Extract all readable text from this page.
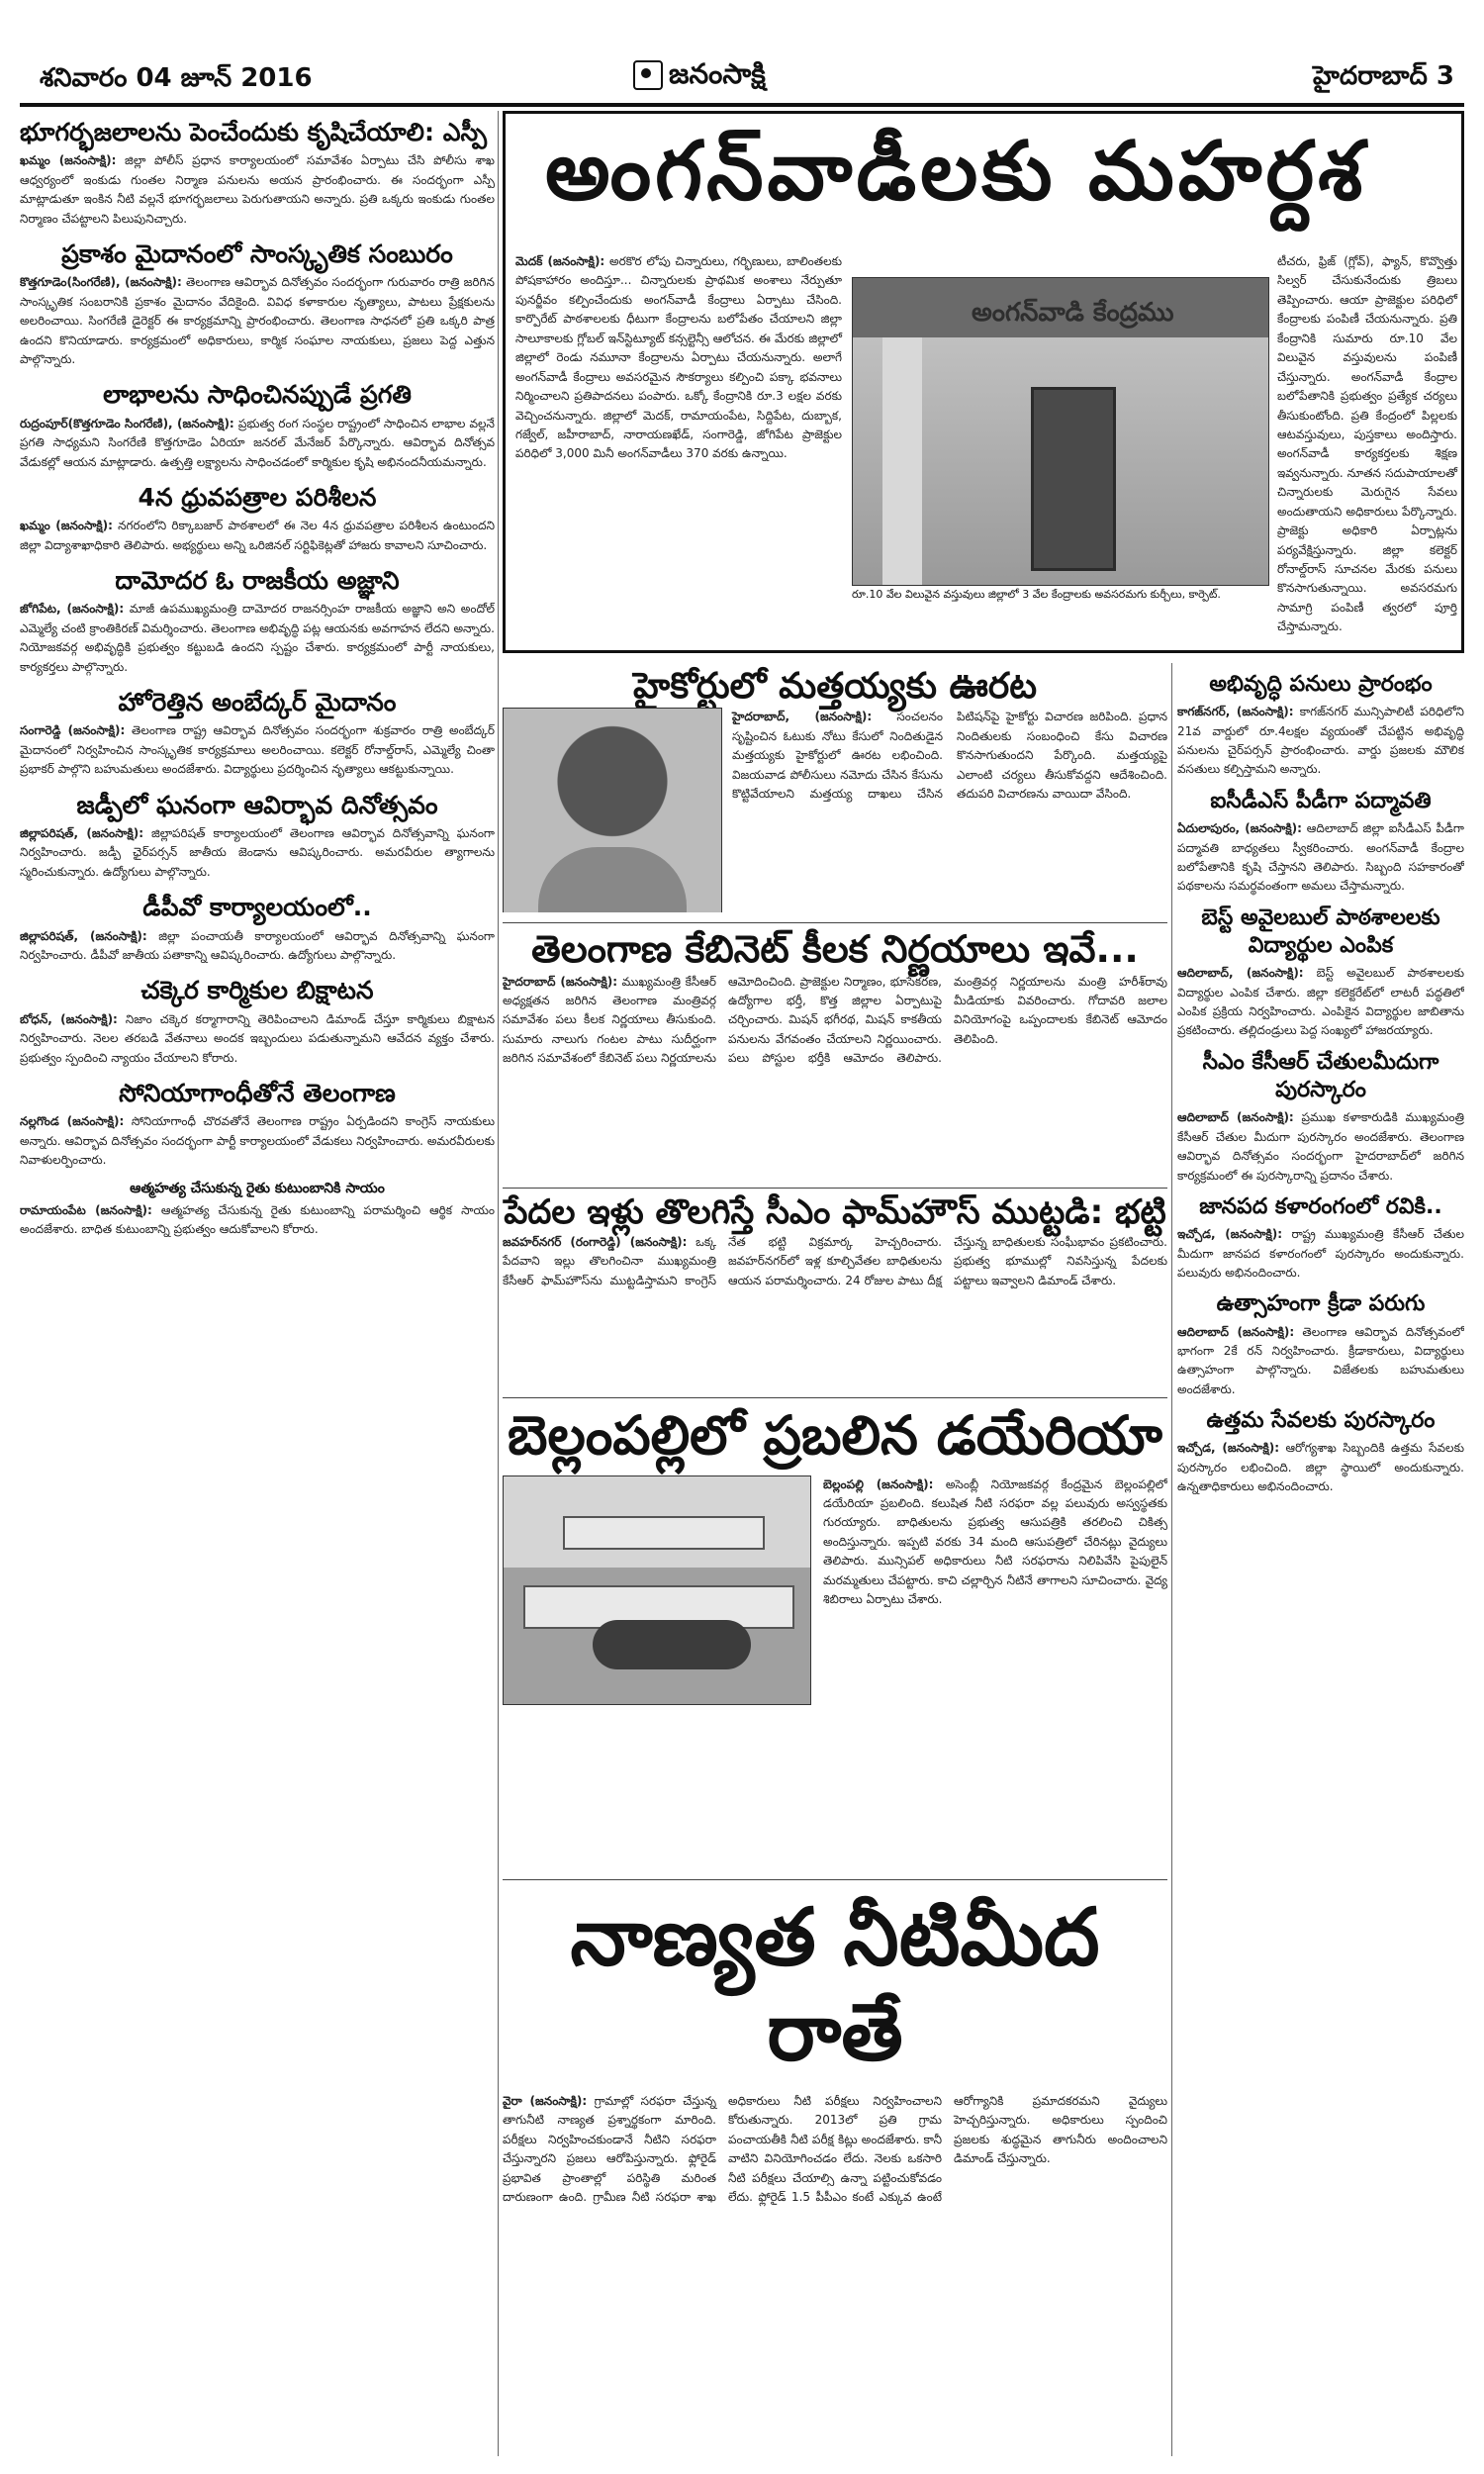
శనివారం 04 జూన్ 2016	జనంసాక్షి	హైదరాబాద్ 3
అంగన్‌వాడీలకు మహర్దశ
మెదక్ (జనంసాక్షి): అరకొర లోపు చిన్నారులు, గర్భిణులు, బాలింతలకు పోషకాహారం అందిస్తూ... చిన్నారులకు ప్రాథమిక అంశాలు నేర్పుతూ పునర్జీవం కల్పించేందుకు అంగన్‌వాడీ కేంద్రాలు ఏర్పాటు చేసింది. కార్పొరేట్ పాఠశాలలకు ధీటుగా కేంద్రాలను బలోపేతం చేయాలని జిల్లా సాలూకాలకు గ్లోబల్ ఇన్‌స్టిట్యూట్ కన్సల్టెన్సీ ఆలోచన. ఈ మేరకు జిల్లాలో జిల్లాలో రెండు నమూనా కేంద్రాలను ఏర్పాటు చేయనున్నారు. అలాగే అంగన్‌వాడీ కేంద్రాలు అవసరమైన సౌకర్యాలు కల్పించి పక్కా భవనాలు నిర్మించాలని ప్రతిపాదనలు పంపారు. ఒక్కో కేంద్రానికి రూ.3 లక్షల వరకు వెచ్చించనున్నారు. జిల్లాలో మెదక్, రామాయంపేట, సిద్దిపేట, దుబ్బాక, గజ్వేల్, జహీరాబాద్, నారాయణఖేడ్, సంగారెడ్డి, జోగిపేట ప్రాజెక్టుల పరిధిలో 3,000 మినీ అంగన్‌వాడీలు 370 వరకు ఉన్నాయి.
అంగన్‌వాడి కేంద్రము
రూ.10 వేల విలువైన వస్తువులు జిల్లాలో 3 వేల కేంద్రాలకు అవసరమగు కుర్చీలు, కార్పెట్.
టీచరు, ఫ్రిజ్ (గ్లోవ్), ఫ్యాన్, కొవ్వొత్తు సిల్వర్ చేసుకునేందుకు త్రిబలు తెప్పించారు. ఆయా ప్రాజెక్టుల పరిధిలో కేంద్రాలకు పంపిణీ చేయనున్నారు. ప్రతి కేంద్రానికి సుమారు రూ.10 వేల విలువైన వస్తువులను పంపిణీ చేస్తున్నారు. అంగన్‌వాడీ కేంద్రాల బలోపేతానికి ప్రభుత్వం ప్రత్యేక చర్యలు తీసుకుంటోంది. ప్రతి కేంద్రంలో పిల్లలకు ఆటవస్తువులు, పుస్తకాలు అందిస్తారు. అంగన్‌వాడీ కార్యకర్తలకు శిక్షణ ఇవ్వనున్నారు. నూతన సదుపాయాలతో చిన్నారులకు మెరుగైన సేవలు అందుతాయని అధికారులు పేర్కొన్నారు. ప్రాజెక్టు అధికారి ఏర్పాట్లను పర్యవేక్షిస్తున్నారు. జిల్లా కలెక్టర్ రోనాల్డ్‌రాస్ సూచనల మేరకు పనులు కొనసాగుతున్నాయి. అవసరమగు సామాగ్రి పంపిణీ త్వరలో పూర్తి చేస్తామన్నారు.
భూగర్భజలాలను పెంచేందుకు కృషిచేయాలి: ఎస్పీ

ఖమ్మం (జనంసాక్షి): జిల్లా పోలీస్ ప్రధాన కార్యాలయంలో సమావేశం ఏర్పాటు చేసి పోలీసు శాఖ ఆధ్వర్యంలో ఇంకుడు గుంతల నిర్మాణ పనులను అయన ప్రారంభించారు. ఈ సందర్భంగా ఎస్పీ మాట్లాడుతూ ఇంకిన నీటి వల్లనే భూగర్భజలాలు పెరుగుతాయని అన్నారు. ప్రతి ఒక్కరు ఇంకుడు గుంతల నిర్మాణం చేపట్టాలని పిలుపునిచ్చారు.

ప్రకాశం మైదానంలో సాంస్కృతిక సంబురం

కొత్తగూడెం(సింగరేణి), (జనంసాక్షి): తెలంగాణ ఆవిర్భావ దినోత్సవం సందర్భంగా గురువారం రాత్రి జరిగిన సాంస్కృతిక సంబరానికి ప్రకాశం మైదానం వేదికైంది. వివిధ కళాకారుల నృత్యాలు, పాటలు ప్రేక్షకులను అలరించాయి. సింగరేణి డైరెక్టర్ ఈ కార్యక్రమాన్ని ప్రారంభించారు. తెలంగాణ సాధనలో ప్రతి ఒక్కరి పాత్ర ఉందని కొనియాడారు. కార్యక్రమంలో అధికారులు, కార్మిక సంఘాల నాయకులు, ప్రజలు పెద్ద ఎత్తున పాల్గొన్నారు.

లాభాలను సాధించినప్పుడే ప్రగతి

రుద్రంపూర్(కొత్తగూడెం సింగరేణి), (జనంసాక్షి): ప్రభుత్వ రంగ సంస్థల రాష్ట్రంలో సాధించిన లాభాల వల్లనే ప్రగతి సాధ్యమని సింగరేణి కొత్తగూడెం ఏరియా జనరల్ మేనేజర్ పేర్కొన్నారు. ఆవిర్భావ దినోత్సవ వేడుకల్లో ఆయన మాట్లాడారు. ఉత్పత్తి లక్ష్యాలను సాధించడంలో కార్మికుల కృషి అభినందనీయమన్నారు.

4న ధ్రువపత్రాల పరిశీలన

ఖమ్మం (జనంసాక్షి): నగరంలోని రిక్కాబజార్ పాఠశాలలో ఈ నెల 4న ధ్రువపత్రాల పరిశీలన ఉంటుందని జిల్లా విద్యాశాఖాధికారి తెలిపారు. అభ్యర్థులు అన్ని ఒరిజినల్ సర్టిఫికెట్లతో హాజరు కావాలని సూచించారు.

దామోదర ఓ రాజకీయ అజ్ఞాని

జోగిపేట, (జనంసాక్షి): మాజీ ఉపముఖ్యమంత్రి దామోదర రాజనర్సింహ రాజకీయ అజ్ఞాని అని అందోల్ ఎమ్మెల్యే చంటి క్రాంతికిరణ్ విమర్శించారు. తెలంగాణ అభివృద్ధి పట్ల ఆయనకు అవగాహన లేదని అన్నారు. నియోజకవర్గ అభివృద్ధికి ప్రభుత్వం కట్టుబడి ఉందని స్పష్టం చేశారు. కార్యక్రమంలో పార్టీ నాయకులు, కార్యకర్తలు పాల్గొన్నారు.

హోరెత్తిన అంబేద్కర్ మైదానం

సంగారెడ్డి (జనంసాక్షి): తెలంగాణ రాష్ట్ర ఆవిర్భావ దినోత్సవం సందర్భంగా శుక్రవారం రాత్రి అంబేద్కర్ మైదానంలో నిర్వహించిన సాంస్కృతిక కార్యక్రమాలు అలరించాయి. కలెక్టర్ రోనాల్డ్‌రాస్, ఎమ్మెల్యే చింతా ప్రభాకర్ పాల్గొని బహుమతులు అందజేశారు. విద్యార్థులు ప్రదర్శించిన నృత్యాలు ఆకట్టుకున్నాయి.

జడ్పీలో ఘనంగా ఆవిర్భావ దినోత్సవం

జిల్లాపరిషత్, (జనంసాక్షి): జిల్లాపరిషత్ కార్యాలయంలో తెలంగాణ ఆవిర్భావ దినోత్సవాన్ని ఘనంగా నిర్వహించారు. జడ్పీ ఛైర్‌పర్సన్ జాతీయ జెండాను ఆవిష్కరించారు. అమరవీరుల త్యాగాలను స్మరించుకున్నారు. ఉద్యోగులు పాల్గొన్నారు.

డీపీవో కార్యాలయంలో..

జిల్లాపరిషత్, (జనంసాక్షి): జిల్లా పంచాయతీ కార్యాలయంలో ఆవిర్భావ దినోత్సవాన్ని ఘనంగా నిర్వహించారు. డీపీవో జాతీయ పతాకాన్ని ఆవిష్కరించారు. ఉద్యోగులు పాల్గొన్నారు.

చక్కెర కార్మికుల బిక్షాటన

బోధన్, (జనంసాక్షి): నిజాం చక్కెర కర్మాగారాన్ని తెరిపించాలని డిమాండ్ చేస్తూ కార్మికులు బిక్షాటన నిర్వహించారు. నెలల తరబడి వేతనాలు అందక ఇబ్బందులు పడుతున్నామని ఆవేదన వ్యక్తం చేశారు. ప్రభుత్వం స్పందించి న్యాయం చేయాలని కోరారు.

సోనియాగాంధీతోనే తెలంగాణ

నల్లగొండ (జనంసాక్షి): సోనియాగాంధీ చొరవతోనే తెలంగాణ రాష్ట్రం ఏర్పడిందని కాంగ్రెస్ నాయకులు అన్నారు. ఆవిర్భావ దినోత్సవం సందర్భంగా పార్టీ కార్యాలయంలో వేడుకలు నిర్వహించారు. అమరవీరులకు నివాళులర్పించారు.

ఆత్మహత్య చేసుకున్న రైతు కుటుంబానికి సాయం

రామాయంపేట (జనంసాక్షి): ఆత్మహత్య చేసుకున్న రైతు కుటుంబాన్ని పరామర్శించి ఆర్థిక సాయం అందజేశారు. బాధిత కుటుంబాన్ని ప్రభుత్వం ఆదుకోవాలని కోరారు.

హైకోర్టులో మత్తయ్యకు ఊరట

హైదరాబాద్, (జనంసాక్షి): సంచలనం సృష్టించిన ఓటుకు నోటు కేసులో నిందితుడైన మత్తయ్యకు హైకోర్టులో ఊరట లభించింది. విజయవాడ పోలీసులు నమోదు చేసిన కేసును కొట్టివేయాలని మత్తయ్య దాఖలు చేసిన పిటిషన్‌పై హైకోర్టు విచారణ జరిపింది. ప్రధాన నిందితులకు సంబంధించి కేసు విచారణ కొనసాగుతుందని పేర్కొంది. మత్తయ్యపై ఎలాంటి చర్యలు తీసుకోవద్దని ఆదేశించింది. తదుపరి విచారణను వాయిదా వేసింది.

తెలంగాణ కేబినెట్ కీలక నిర్ణయాలు ఇవే...

హైదరాబాద్ (జనంసాక్షి): ముఖ్యమంత్రి కేసీఆర్ అధ్యక్షతన జరిగిన తెలంగాణ మంత్రివర్గ సమావేశం పలు కీలక నిర్ణయాలు తీసుకుంది. సుమారు నాలుగు గంటల పాటు సుదీర్ఘంగా జరిగిన సమావేశంలో కేబినెట్ పలు నిర్ణయాలను ఆమోదించింది. ప్రాజెక్టుల నిర్మాణం, భూసేకరణ, ఉద్యోగాల భర్తీ, కొత్త జిల్లాల ఏర్పాటుపై చర్చించారు. మిషన్ భగీరథ, మిషన్ కాకతీయ పనులను వేగవంతం చేయాలని నిర్ణయించారు. పలు పోస్టుల భర్తీకి ఆమోదం తెలిపారు. మంత్రివర్గ నిర్ణయాలను మంత్రి హరీశ్‌రావు మీడియాకు వివరించారు. గోదావరి జలాల వినియోగంపై ఒప్పందాలకు కేబినెట్ ఆమోదం తెలిపింది.

పేదల ఇళ్లు తొలగిస్తే సీఎం ఫామ్‌హౌస్ ముట్టడి: భట్టి

జవహర్‌నగర్ (రంగారెడ్డి) (జనంసాక్షి): ఒక్క పేదవాని ఇల్లు తొలగించినా ముఖ్యమంత్రి కేసీఆర్ ఫామ్‌హౌస్‌ను ముట్టడిస్తామని కాంగ్రెస్ నేత భట్టి విక్రమార్క హెచ్చరించారు. జవహర్‌నగర్‌లో ఇళ్ల కూల్చివేతల బాధితులను ఆయన పరామర్శించారు. 24 రోజుల పాటు దీక్ష చేస్తున్న బాధితులకు సంఘీభావం ప్రకటించారు. ప్రభుత్వ భూముల్లో నివసిస్తున్న పేదలకు పట్టాలు ఇవ్వాలని డిమాండ్ చేశారు.

బెల్లంపల్లిలో ప్రబలిన డయేరియా

బెల్లంపల్లి (జనంసాక్షి): అసెంబ్లీ నియోజకవర్గ కేంద్రమైన బెల్లంపల్లిలో డయేరియా ప్రబలింది. కలుషిత నీటి సరఫరా వల్ల పలువురు అస్వస్థతకు గురయ్యారు. బాధితులను ప్రభుత్వ ఆసుపత్రికి తరలించి చికిత్స అందిస్తున్నారు. ఇప్పటి వరకు 34 మంది ఆసుపత్రిలో చేరినట్లు వైద్యులు తెలిపారు. మున్సిపల్ అధికారులు నీటి సరఫరాను నిలిపివేసి పైపులైన్ మరమ్మతులు చేపట్టారు. కాచి చల్లార్చిన నీటినే తాగాలని సూచించారు. వైద్య శిబిరాలు ఏర్పాటు చేశారు.

నాణ్యత నీటిమీద రాతే

వైరా (జనంసాక్షి): గ్రామాల్లో సరఫరా చేస్తున్న తాగునీటి నాణ్యత ప్రశ్నార్థకంగా మారింది. పరీక్షలు నిర్వహించకుండానే నీటిని సరఫరా చేస్తున్నారని ప్రజలు ఆరోపిస్తున్నారు. ఫ్లోరైడ్ ప్రభావిత ప్రాంతాల్లో పరిస్థితి మరింత దారుణంగా ఉంది. గ్రామీణ నీటి సరఫరా శాఖ అధికారులు నీటి పరీక్షలు నిర్వహించాలని కోరుతున్నారు. 2013లో ప్రతి గ్రామ పంచాయతీకి నీటి పరీక్ష కిట్లు అందజేశారు. కానీ వాటిని వినియోగించడం లేదు. నెలకు ఒకసారి నీటి పరీక్షలు చేయాల్సి ఉన్నా పట్టించుకోవడం లేదు. ఫ్లోరైడ్ 1.5 పీపీఎం కంటే ఎక్కువ ఉంటే ఆరోగ్యానికి ప్రమాదకరమని వైద్యులు హెచ్చరిస్తున్నారు. అధికారులు స్పందించి ప్రజలకు శుద్ధమైన తాగునీరు అందించాలని డిమాండ్ చేస్తున్నారు.

అభివృద్ధి పనులు ప్రారంభం

కాగజ్‌నగర్, (జనంసాక్షి): కాగజ్‌నగర్ మున్సిపాలిటీ పరిధిలోని 21వ వార్డులో రూ.4లక్షల వ్యయంతో చేపట్టిన అభివృద్ధి పనులను చైర్‌పర్సన్ ప్రారంభించారు. వార్డు ప్రజలకు మౌలిక వసతులు కల్పిస్తామని అన్నారు.

ఐసీడీఎస్ పీడీగా పద్మావతి

ఏదులాపురం, (జనంసాక్షి): ఆదిలాబాద్ జిల్లా ఐసీడీఎస్ పీడీగా పద్మావతి బాధ్యతలు స్వీకరించారు. అంగన్‌వాడీ కేంద్రాల బలోపేతానికి కృషి చేస్తానని తెలిపారు. సిబ్బంది సహకారంతో పథకాలను సమర్థవంతంగా అమలు చేస్తామన్నారు.

బెస్ట్ అవైలబుల్ పాఠశాలలకు విద్యార్థుల ఎంపిక

ఆదిలాబాద్, (జనంసాక్షి): బెస్ట్ అవైలబుల్ పాఠశాలలకు విద్యార్థుల ఎంపిక చేశారు. జిల్లా కలెక్టరేట్‌లో లాటరీ పద్ధతిలో ఎంపిక ప్రక్రియ నిర్వహించారు. ఎంపికైన విద్యార్థుల జాబితాను ప్రకటించారు. తల్లిదండ్రులు పెద్ద సంఖ్యలో హాజరయ్యారు.

సీఎం కేసీఆర్ చేతులమీదుగా పురస్కారం

ఆదిలాబాద్ (జనంసాక్షి): ప్రముఖ కళాకారుడికి ముఖ్యమంత్రి కేసీఆర్ చేతుల మీదుగా పురస్కారం అందజేశారు. తెలంగాణ ఆవిర్భావ దినోత్సవం సందర్భంగా హైదరాబాద్‌లో జరిగిన కార్యక్రమంలో ఈ పురస్కారాన్ని ప్రదానం చేశారు.

జానపద కళారంగంలో రవికి..

ఇచ్చోడ, (జనంసాక్షి): రాష్ట్ర ముఖ్యమంత్రి కేసీఆర్ చేతుల మీదుగా జానపద కళారంగంలో పురస్కారం అందుకున్నారు. పలువురు అభినందించారు.

ఉత్సాహంగా క్రీడా పరుగు

ఆదిలాబాద్ (జనంసాక్షి): తెలంగాణ ఆవిర్భావ దినోత్సవంలో భాగంగా 2కే రన్ నిర్వహించారు. క్రీడాకారులు, విద్యార్థులు ఉత్సాహంగా పాల్గొన్నారు. విజేతలకు బహుమతులు అందజేశారు.

ఉత్తమ సేవలకు పురస్కారం

ఇచ్చోడ, (జనంసాక్షి): ఆరోగ్యశాఖ సిబ్బందికి ఉత్తమ సేవలకు పురస్కారం లభించింది. జిల్లా స్థాయిలో అందుకున్నారు. ఉన్నతాధికారులు అభినందించారు.
